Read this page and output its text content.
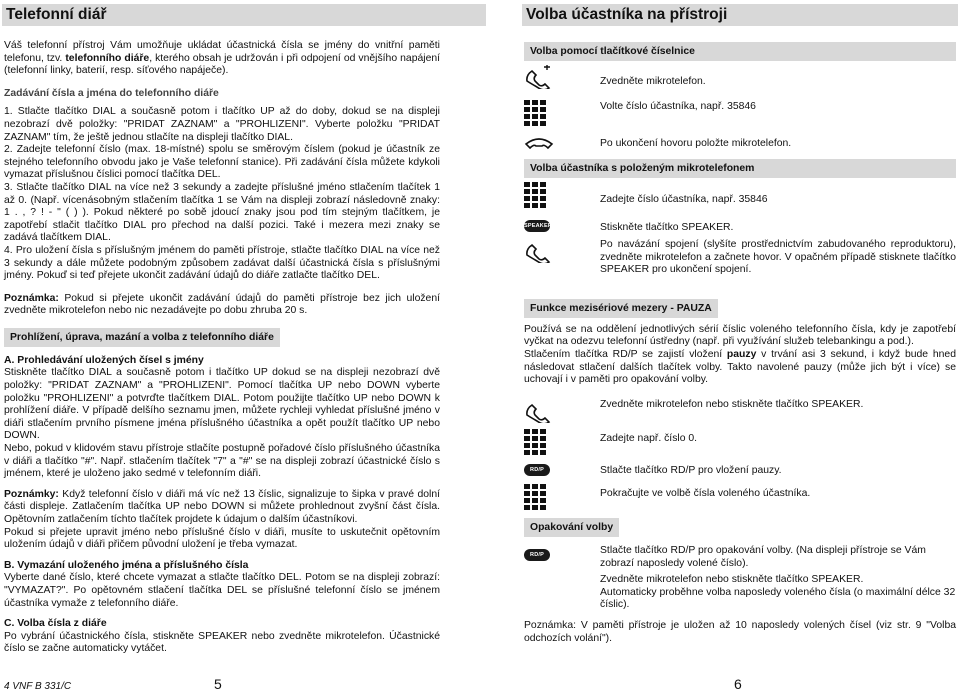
Telefonní diář	Volba účastníka na přístroji

Váš telefonní přístroj Vám umožňuje ukládat účastnická čísla se jmény do vnitřní paměti telefonu, tzv. telefonního diáře, kterého obsah je udržován i při odpojení od vnějšího napájení (telefonní linky, baterií, resp. síťového napáječe).

Zadávání čísla a jména do telefonního diáře

1. Stlačte tlačítko DIAL a současně potom i tlačítko UP až do doby, dokud se na displeji nezobrazí dvě položky: "PRIDAT ZAZNAM" a "PROHLIZENI". Vyberte položku "PRIDAT ZAZNAM" tím, že ještě jednou stlačíte na displeji tlačítko DIAL.

2. Zadejte telefonní číslo (max. 18-místné) spolu se směrovým číslem (pokud je účastník ze stejného telefonního obvodu jako je Vaše telefonní stanice). Při zadávání čísla můžete kdykoli vymazat příslušnou číslici pomocí tlačítka DEL.

3. Stlačte tlačítko DIAL na více než 3 sekundy a zadejte příslušné jméno stlačením tlačítek 1 až 0. (Např. vícenásobným stlačením tlačítka 1 se Vám na displeji zobrazí následovně znaky: 1 . , ? ! - " ( ) ). Pokud některé po sobě jdoucí znaky jsou pod tím stejným tlačítkem, je zapotřebí stlačit tlačítko DIAL pro přechod na další pozici. Také i mezera mezi znaky se zadává tlačítkem DIAL.

4. Pro uložení čísla s příslušným jménem do paměti přístroje, stlačte tlačítko DIAL na více než 3 sekundy a dále můžete podobným způsobem zadávat další účastnická čísla s příslušnými jmény. Pokuď si teď přejete ukončit zadávání údajů do diáře zatlačte tlačítko DEL.

Poznámka: Pokud si přejete ukončit zadávání údajů do paměti přístroje bez jich uložení zvedněte mikrotelefon nebo nic nezadávejte po dobu zhruba 20 s.

Prohlížení, úprava, mazání a volba z telefonního diáře
A. Prohledávání uložených čísel s jmény

Stiskněte tlačítko DIAL a současně potom i tlačítko UP dokud se na displeji nezobrazí dvě položky: "PRIDAT ZAZNAM" a "PROHLIZENI". Pomocí tlačítka UP nebo DOWN vyberte položku "PROHLIZENI" a potvrďte tlačítkem DIAL. Potom použijte tlačítko UP nebo DOWN k prohlížení diáře. V případě delšího seznamu jmen, můžete rychleji vyhledat příslušné jméno v diáři stlačením prvního písmene jména příslušného účastníka a opět použít tlačítko UP nebo DOWN.

Nebo, pokud v klidovém stavu přístroje stlačíte postupně pořadové číslo příslušného účastníka v diáři a tlačítko "#". Např. stlačením tlačítek "7" a "#" se na displeji zobrazí účastnické číslo s jménem, které je uloženo jako sedmé v telefonním diáři.

Poznámky: Když telefonní číslo v diáři má víc než 13 číslic, signalizuje to šipka v pravé dolní části displeje. Zatlačením tlačítka UP nebo DOWN si můžete prohlednout zvyšní část čísla. Opětovním zatlačením tíchto tlačítek projdete k údajum o dalším účastníkovi.

Pokud si přejete upravit jméno nebo příslušné číslo v diáři, musíte to uskutečnit opětovním uložením údajů v diáři přičem původní uložení je třeba vymazat.

B. Vymazání uloženého jména a příslušného čísla

Vyberte dané číslo, které chcete vymazat a stlačte tlačítko DEL. Potom se na displeji zobrazí: "VYMAZAT?". Po opětovném stlačení tlačítka DEL se příslušné telefonní číslo se jménem účastníka vymaže z telefonního diáře.

C. Volba čísla z diáře

Po vybrání účastnického čísla, stiskněte SPEAKER nebo zvedněte mikrotelefon. Účastnické číslo se začne automaticky vytáčet.

4 VNF B 331/C	5	6
Volba pomocí tlačítkové číselnice
Zvedněte mikrotelefon.
Volte číslo účastníka, např. 35846
Po ukončení hovoru položte mikrotelefon.
Volba účastníka s položeným mikrotelefonem
Zadejte číslo účastníka, např. 35846
SPEAKER	Stiskněte tlačítko SPEAKER.

Po navázání spojení (slyšíte prostřednictvím zabudovaného reproduktoru), zvedněte mikrotelefon a začnete hovor. V opačném případě stisknete tlačítko SPEAKER pro ukončení spojení.

Funkce mezisériové mezery - PAUZA

Používá se na oddělení jednotlivých sérií číslic voleného telefonního čísla, kdy je zapotřebí vyčkat na odezvu telefonní ústředny (např. při využívání služeb telebankingu a pod.).

Stlačením tlačítka RD/P se zajistí vložení pauzy v trvání asi 3 sekund, i když bude hned následovat stlačení dalších tlačítek volby. Takto navolené pauzy (může jich být i více) se uchovají i v paměti pro opakování volby.

Zvedněte mikrotelefon nebo stiskněte tlačítko SPEAKER.
Zadejte např. číslo 0.
RD/P	Stlačte tlačítko RD/P pro vložení pauzy.
Pokračujte ve volbě čísla voleného účastníka.
Opakování volby
RD/P	Stlačte tlačítko RD/P pro opakování volby. (Na displeji přístroje se Vám zobrazí naposledy volené číslo).
Zvedněte mikrotelefon nebo stiskněte tlačítko SPEAKER.
Automaticky proběhne volba naposledy voleného čísla (o maximální délce 32 číslic).

Poznámka: V paměti přístroje je uložen až 10 naposledy volených čísel (viz str. 9 "Volba odchozích volání").
